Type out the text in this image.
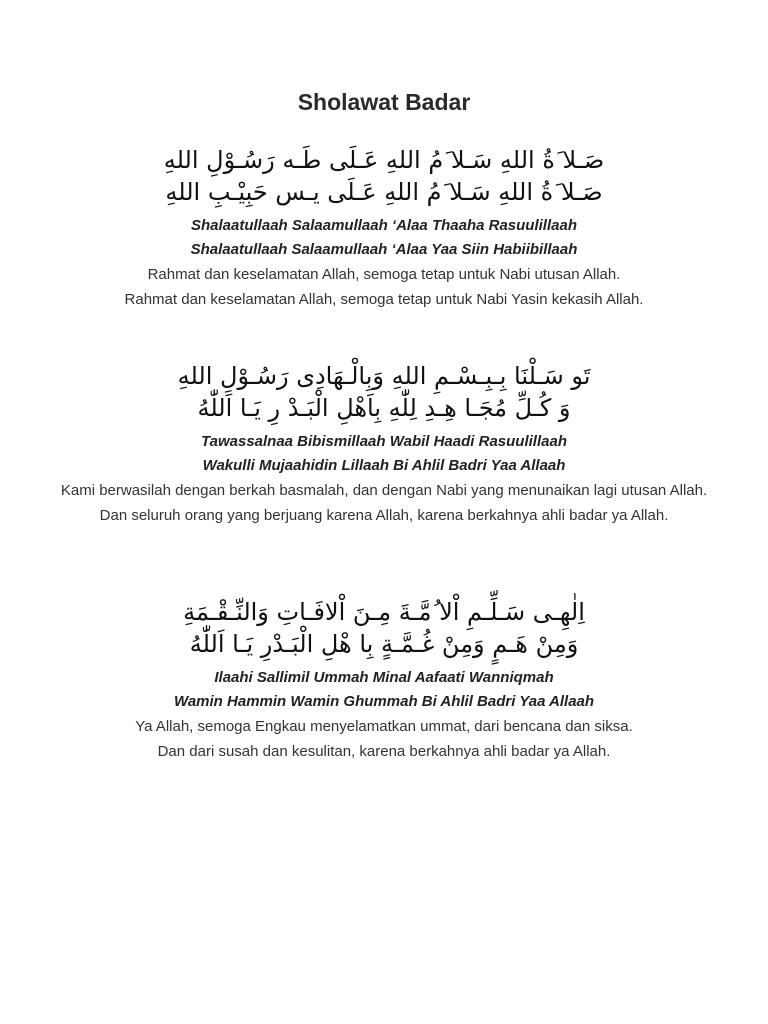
Sholawat Badar
صَـلا َةُ اللهِ سَـلا َمُ اللهِ عَـلَى طَـه رَسُـوْلِ اللهِ
صَـلا َةُ اللهِ سَـلا َمُ اللهِ عَـلَى يـس حَبِيْـبِ اللهِ
Shalaatullaah Salaamullaah ‘Alaa Thaaha Rasuulillaah
Shalaatullaah Salaamullaah ‘Alaa Yaa Siin Habiibillaah
Rahmat dan keselamatan Allah, semoga tetap untuk Nabi utusan Allah.
Rahmat dan keselamatan Allah, semoga tetap untuk Nabi Yasin kekasih Allah.
تَو سَـلْنَا بِـبِـسْـمِ اللهِ وَبِالْـهَادِى رَسُـوْلِ اللهِ
وَ كُـلِّ مُجَـا هِـدِ لِلّٰهِ بِاَهْلِ الْبَـدْ رِ يَـا اَللّٰهُ
Tawassalnaa Bibismillaah Wabil Haadi Rasuulillaah
Wakulli Mujaahidin Lillaah Bi Ahlil Badri Yaa Allaah
Kami berwasilah dengan berkah basmalah, dan dengan Nabi yang menunaikan lagi utusan Allah.
Dan seluruh orang yang berjuang karena Allah, karena berkahnya ahli badar ya Allah.
اِلٰهِـى سَـلِّـمِ اْلا ُمَّـةَ مِـنَ اْلافَـاتِ وَالنِّـقْـمَةِ
وَمِنْ هَـمٍ وَمِنْ غُـمَّـةٍ بِا هْلِ الْبَـدْرِ يَـا اَللّٰهُ
Ilaahi Sallimil Ummah Minal Aafaati Wanniqmah
Wamin Hammin Wamin Ghummah Bi Ahlil Badri Yaa Allaah
Ya Allah, semoga Engkau menyelamatkan ummat, dari bencana dan siksa.
Dan dari susah dan kesulitan, karena berkahnya ahli badar ya Allah.
